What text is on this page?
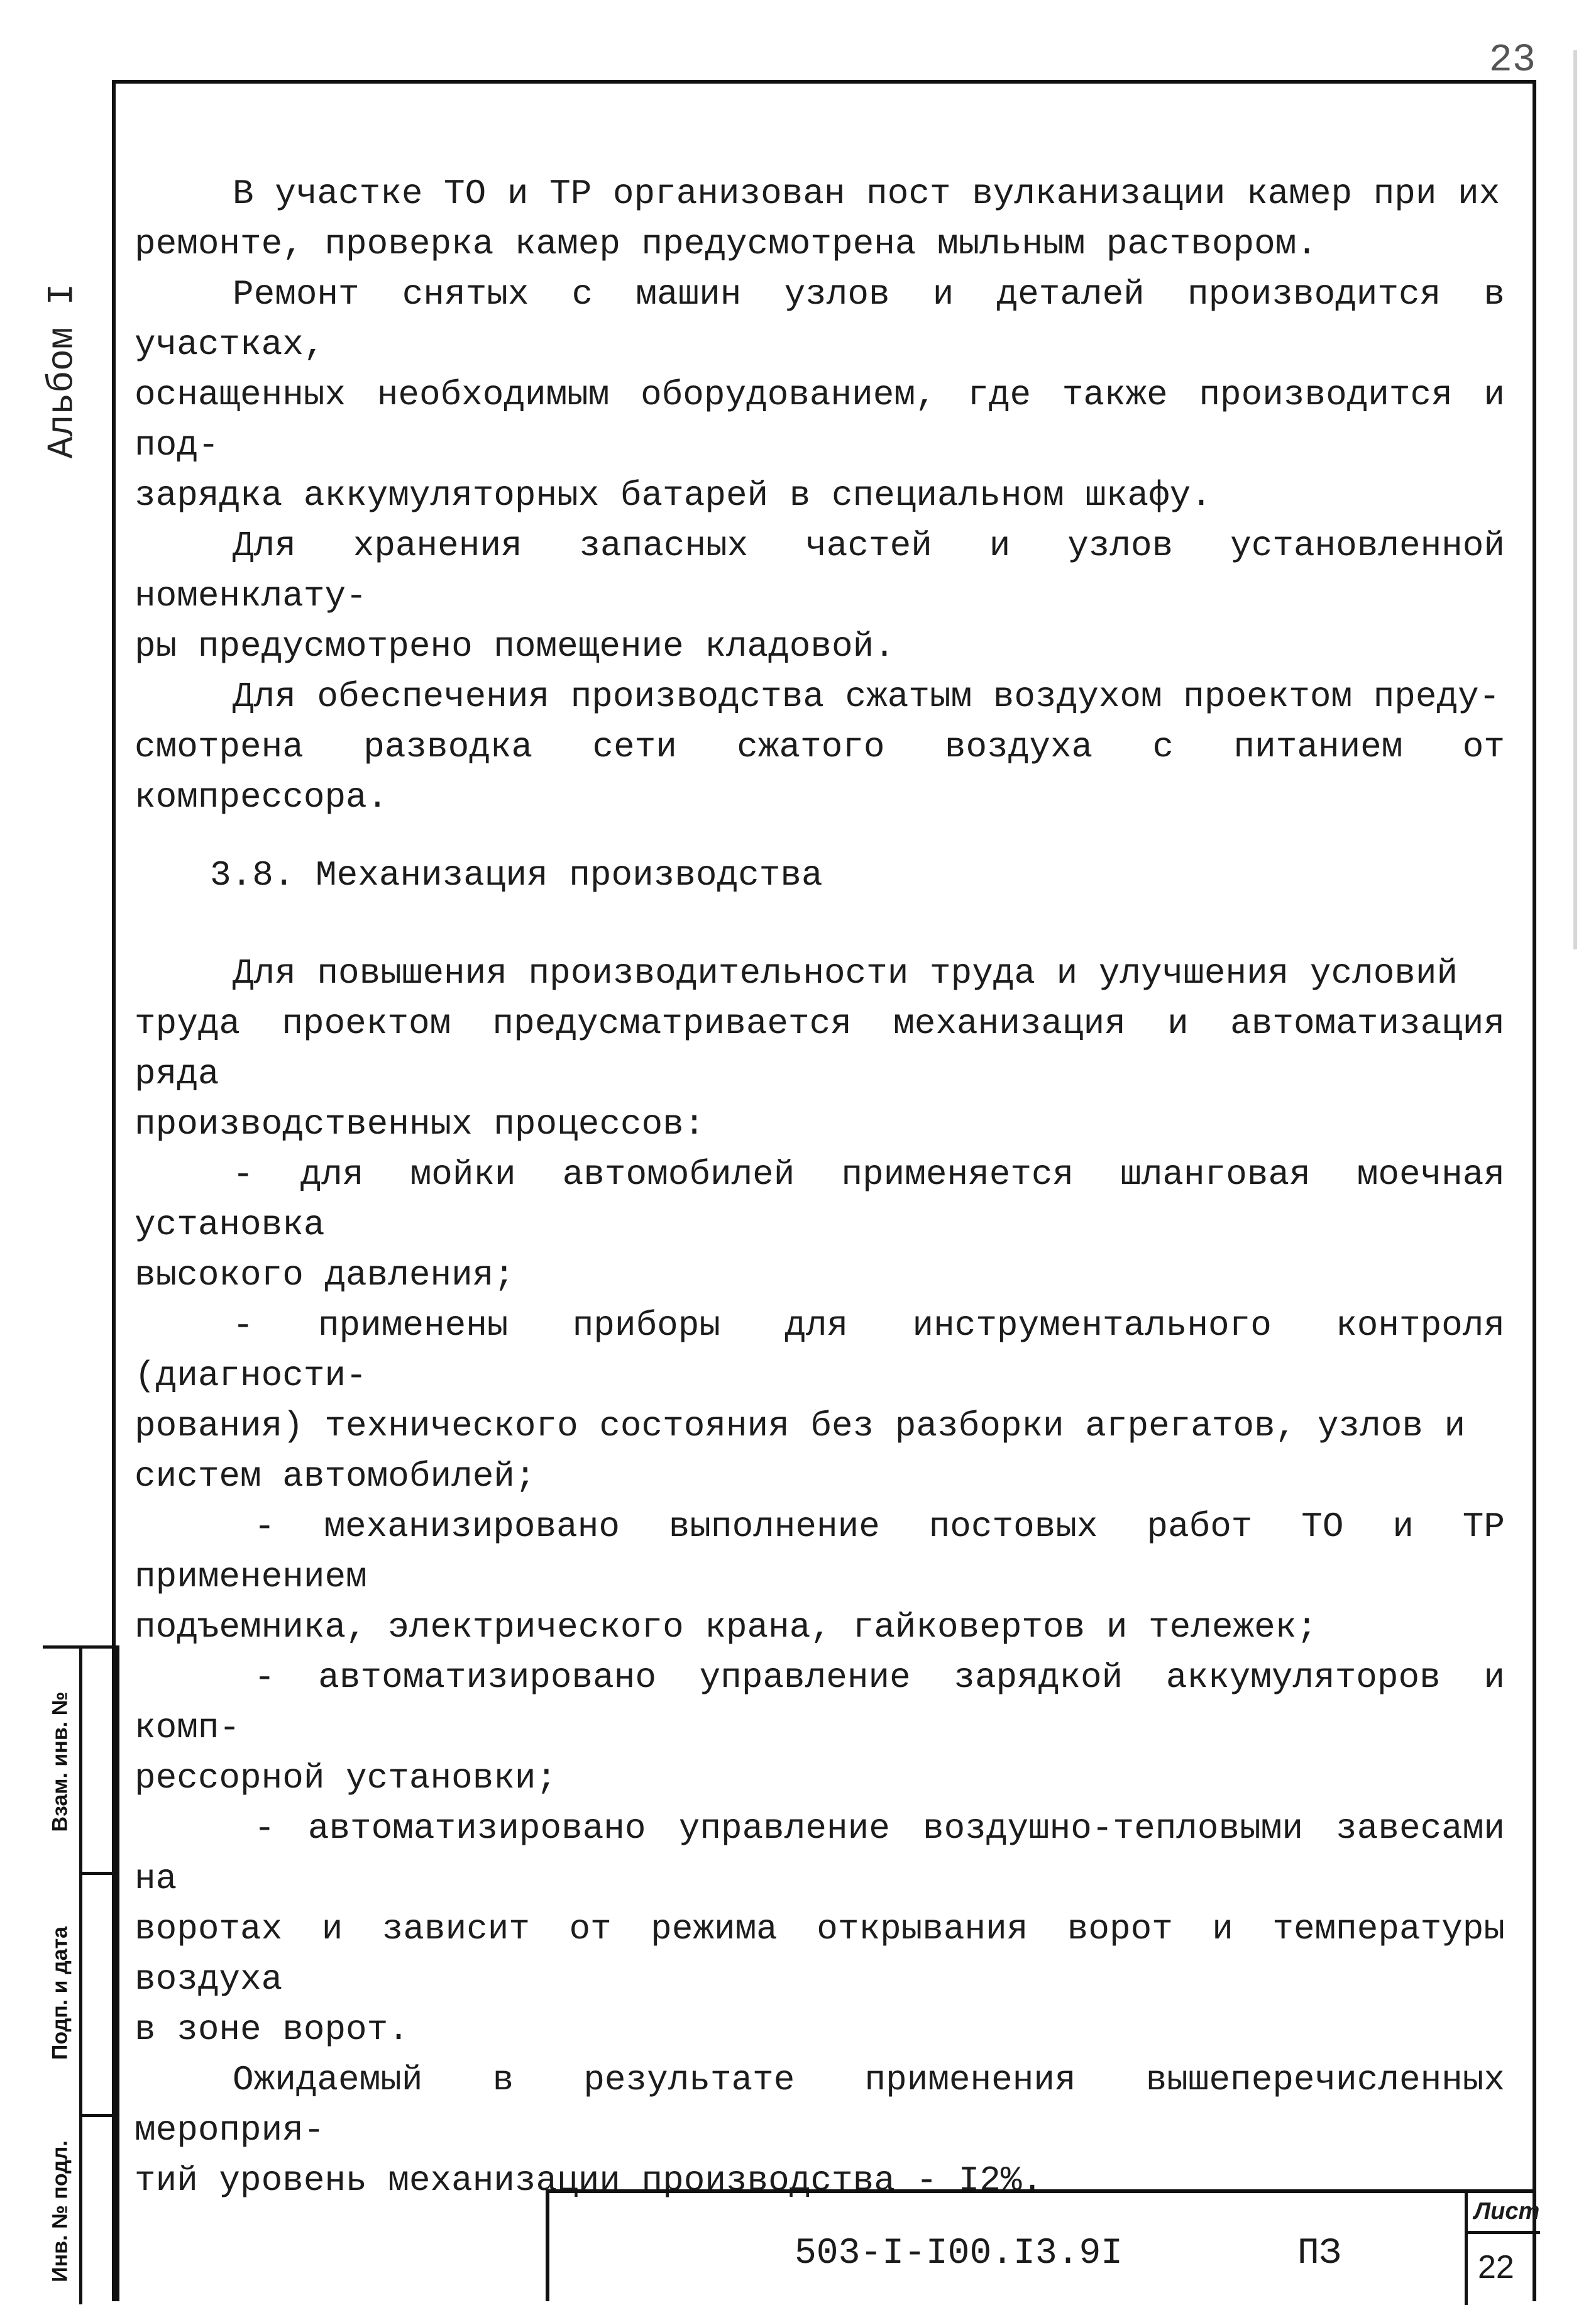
23
Альбом I

В участке ТО и ТР организован пост вулканизации камер при их
ремонте, проверка камер предусмотрена мыльным раствором.

Ремонт снятых с машин узлов и деталей производится в участках,
оснащенных необходимым оборудованием, где также производится и под-
зарядка аккумуляторных батарей в специальном шкафу.

Для хранения запасных частей и узлов установленной номенклату-
ры предусмотрено помещение кладовой.

Для обеспечения производства сжатым воздухом проектом преду-
смотрена разводка сети сжатого воздуха с питанием от компрессора.

3.8. Механизация производства

Для повышения производительности труда и улучшения условий
труда проектом предусматривается механизация и автоматизация ряда
производственных процессов:

- для мойки автомобилей применяется шланговая моечная установка
высокого давления;

- применены приборы для инструментального контроля (диагности-
рования) технического состояния без разборки агрегатов, узлов и
систем автомобилей;

- механизировано выполнение постовых работ ТО и ТР применением
подъемника, электрического крана, гайковертов и тележек;

- автоматизировано управление зарядкой аккумуляторов и комп-
рессорной установки;

- автоматизировано управление воздушно-тепловыми завесами на
воротах и зависит от режима открывания ворот и температуры воздуха
в зоне ворот.

Ожидаемый в результате применения вышеперечисленных мероприя-
тий уровень механизации производства - I2%.

Взам. инв. №
Подп. и дата
Инв. № подл.	503-I-I00.I3.9I	ПЗ
Лист
22
